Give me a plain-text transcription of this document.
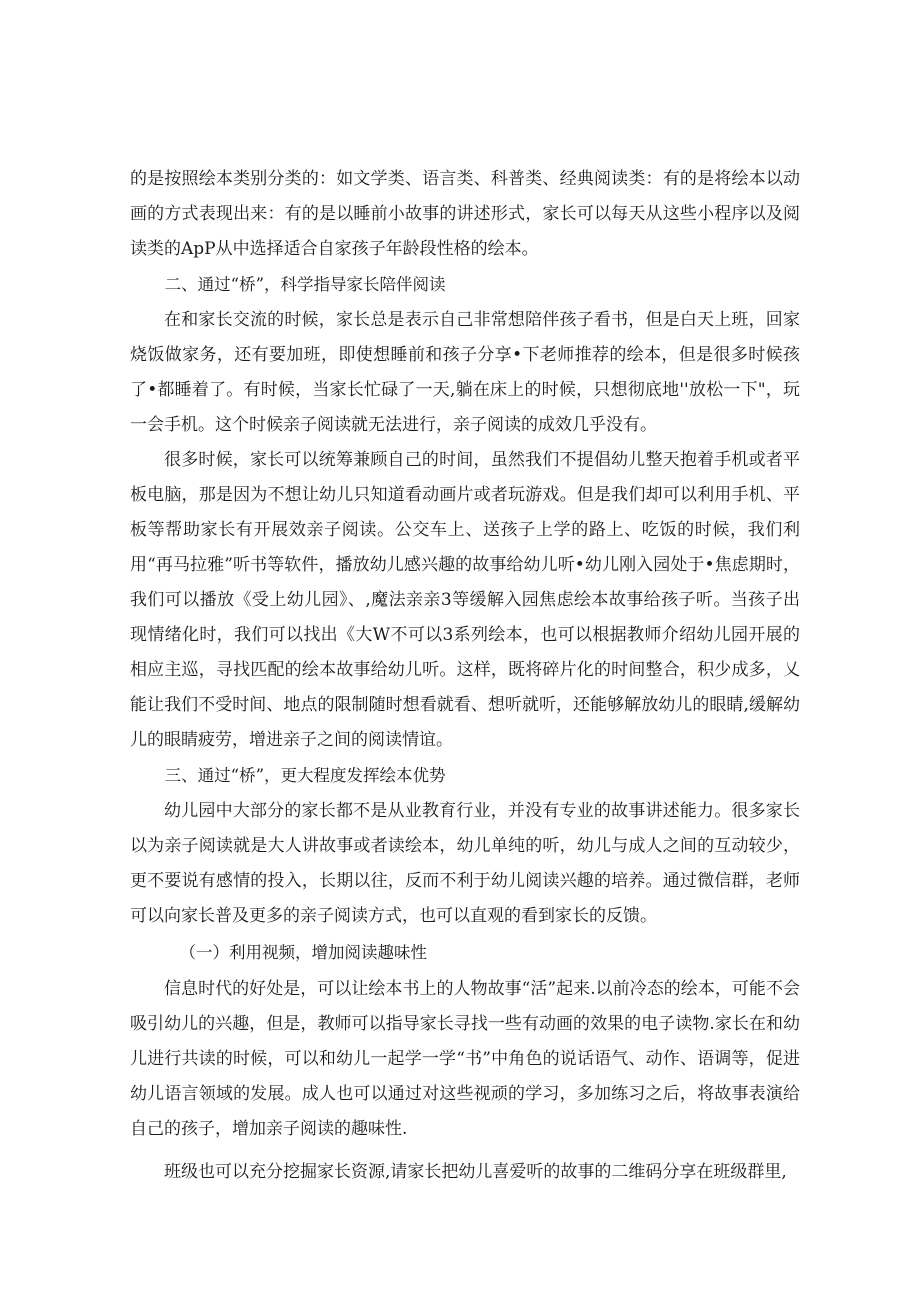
的是按照绘本类别分类的：如文学类、语言类、科普类、经典阅读类：有的是将绘本以动画的方式表现出来：有的是以睡前小故事的讲述形式，家长可以每天从这些小程序以及阅读类的ApP从中选择适合自家孩子年龄段性格的绘本。

二、通过“桥”，科学指导家长陪伴阅读

在和家长交流的时候，家长总是表示自己非常想陪伴孩子看书，但是白天上班，回家烧饭做家务，还有要加班，即使想睡前和孩子分享•下老师推荐的绘本，但是很多时候孩了•都睡着了。有时候，当家长忙碌了一天,躺在床上的时候，只想彻底地''放松一下"，玩一会手机。这个时候亲子阅读就无法进行，亲子阅读的成效几乎没有。

很多时候，家长可以统筹兼顾自己的时间，虽然我们不提倡幼儿整天抱着手机或者平板电脑，那是因为不想让幼儿只知道看动画片或者玩游戏。但是我们却可以利用手机、平板等帮助家长有开展效亲子阅读。公交车上、送孩子上学的路上、吃饭的时候，我们利用“再马拉雅”听书等软件，播放幼儿感兴趣的故事给幼儿听•幼儿刚入园处于•焦虑期时，我们可以播放《受上幼儿园》、,魔法亲亲3等缓解入园焦虑绘本故事给孩子听。当孩子出现情绪化时，我们可以找出《大W不可以3系列绘本，也可以根据教师介绍幼儿园开展的相应主巡，寻找匹配的绘本故事给幼儿听。这样，既将碎片化的时间整合，积少成多，乂能让我们不受时间、地点的限制随时想看就看、想听就听，还能够解放幼儿的眼睛,缓解幼儿的眼睛疲劳，增进亲子之间的阅读情谊。

三、通过“桥”，更大程度发挥绘本优势

幼儿园中大部分的家长都不是从业教育行业，并没有专业的故事讲述能力。很多家长以为亲子阅读就是大人讲故事或者读绘本，幼儿单纯的听，幼儿与成人之间的互动较少，更不要说有感情的投入，长期以往，反而不利于幼儿阅读兴趣的培养。通过微信群，老师可以向家长普及更多的亲子阅读方式，也可以直观的看到家长的反馈。

（一）利用视频，增加阅读趣味性

信息时代的好处是，可以让绘本书上的人物故事“活”起来.以前冷态的绘本，可能不会吸引幼儿的兴趣，但是，教师可以指导家长寻找一些有动画的效果的电子读物.家长在和幼儿进行共读的时候，可以和幼儿一起学一学“书”中角色的说话语气、动作、语调等，促进幼儿语言领域的发展。成人也可以通过对这些视顽的学习，多加练习之后，将故事表演给自己的孩子，增加亲子阅读的趣味性.

班级也可以充分挖掘家长资源,请家长把幼儿喜爱听的故事的二维码分享在班级群里,
